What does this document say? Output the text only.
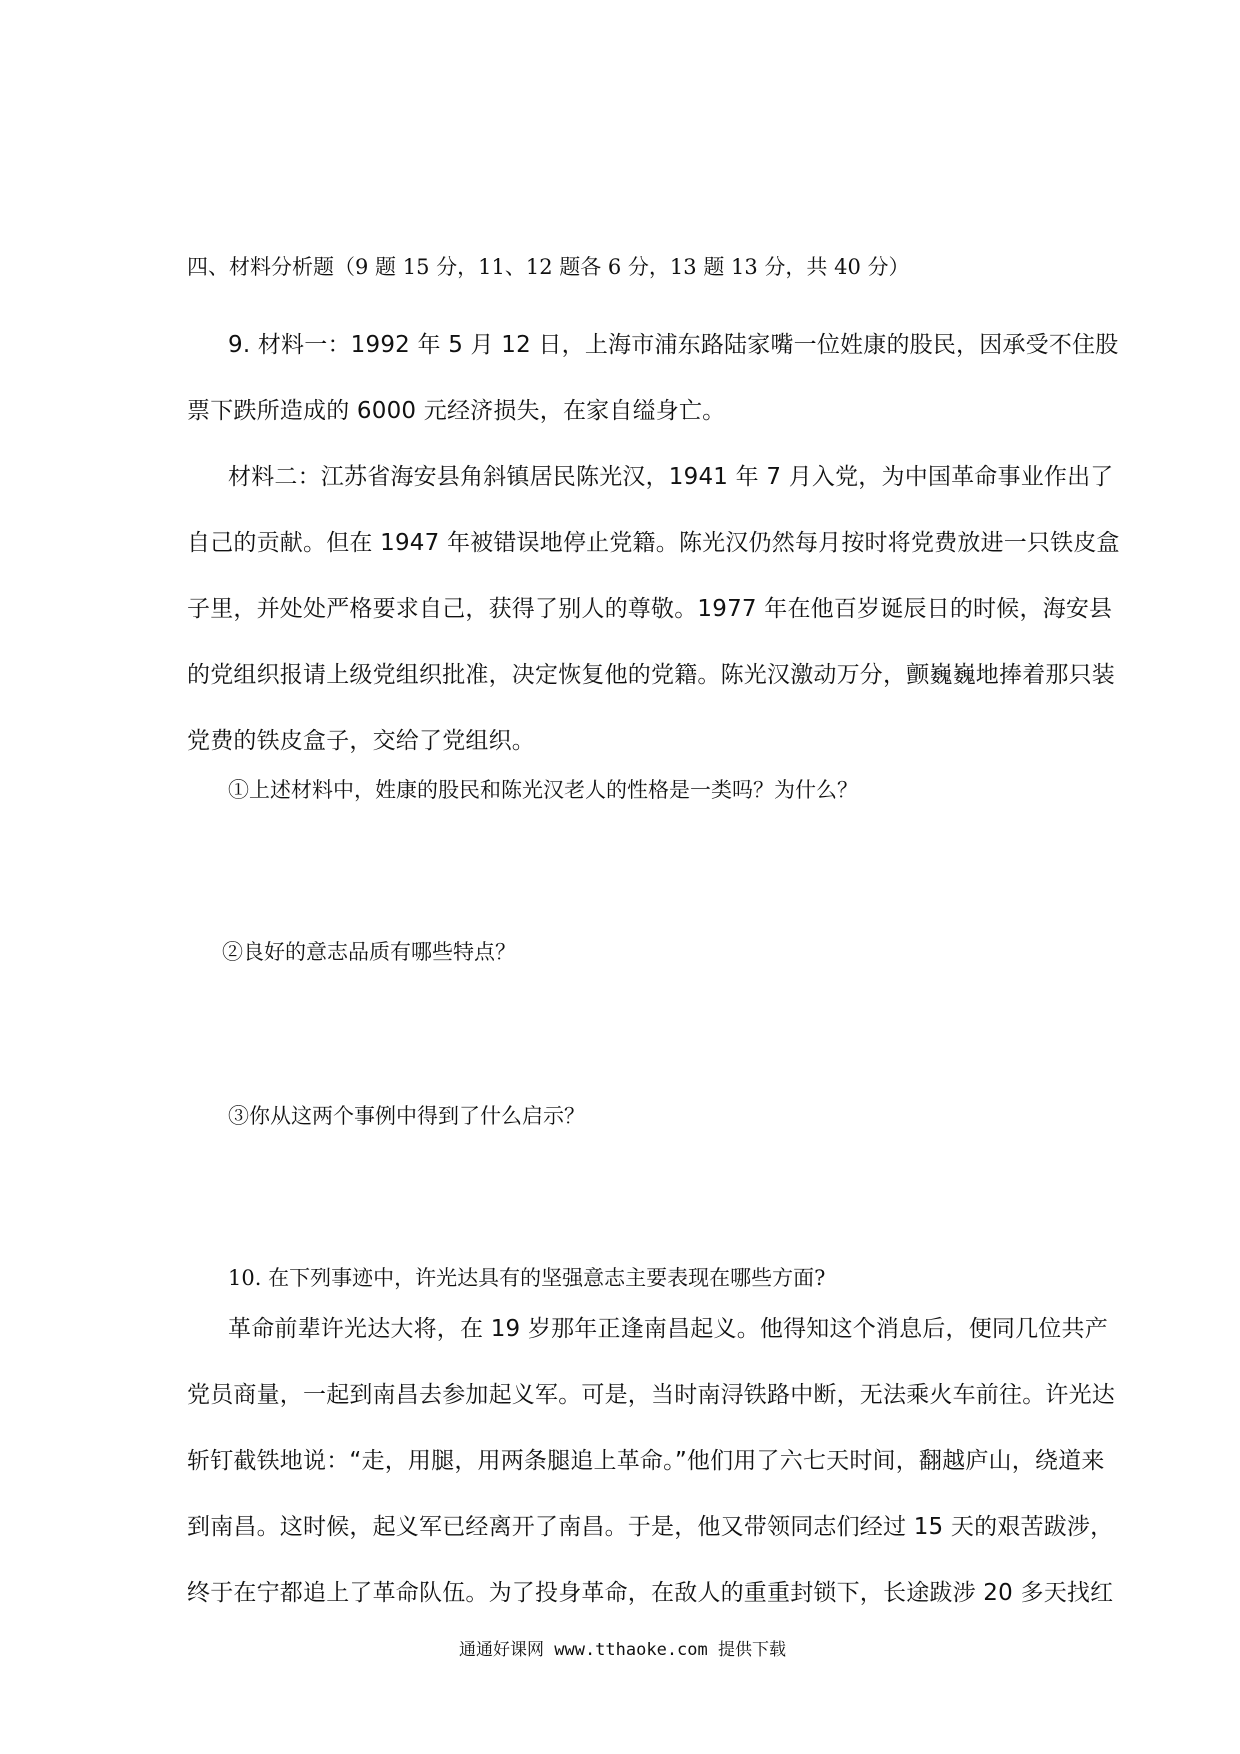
四、材料分析题（9 题 15 分，11、12 题各 6 分，13 题 13 分，共 40 分）

9. 材料一：1992 年 5 月 12 日，上海市浦东路陆家嘴一位姓康的股民，因承受不住股

票下跌所造成的 6000 元经济损失，在家自缢身亡。

材料二：江苏省海安县角斜镇居民陈光汉，1941 年 7 月入党，为中国革命事业作出了

自己的贡献。但在 1947 年被错误地停止党籍。陈光汉仍然每月按时将党费放进一只铁皮盒

子里，并处处严格要求自己，获得了别人的尊敬。1977 年在他百岁诞辰日的时候，海安县

的党组织报请上级党组织批准，决定恢复他的党籍。陈光汉激动万分，颤巍巍地捧着那只装

党费的铁皮盒子，交给了党组织。

①上述材料中，姓康的股民和陈光汉老人的性格是一类吗？为什么？

②良好的意志品质有哪些特点？

③你从这两个事例中得到了什么启示？

10. 在下列事迹中，许光达具有的坚强意志主要表现在哪些方面?

革命前辈许光达大将，在 19 岁那年正逢南昌起义。他得知这个消息后，便同几位共产

党员商量，一起到南昌去参加起义军。可是，当时南浔铁路中断，无法乘火车前往。许光达

斩钉截铁地说：“走，用腿，用两条腿追上革命。”他们用了六七天时间，翻越庐山，绕道来

到南昌。这时候，起义军已经离开了南昌。于是，他又带领同志们经过 15 天的艰苦跋涉，

终于在宁都追上了革命队伍。为了投身革命，在敌人的重重封锁下，长途跋涉 20 多天找红

通通好课网 www.tthaoke.com 提供下载
